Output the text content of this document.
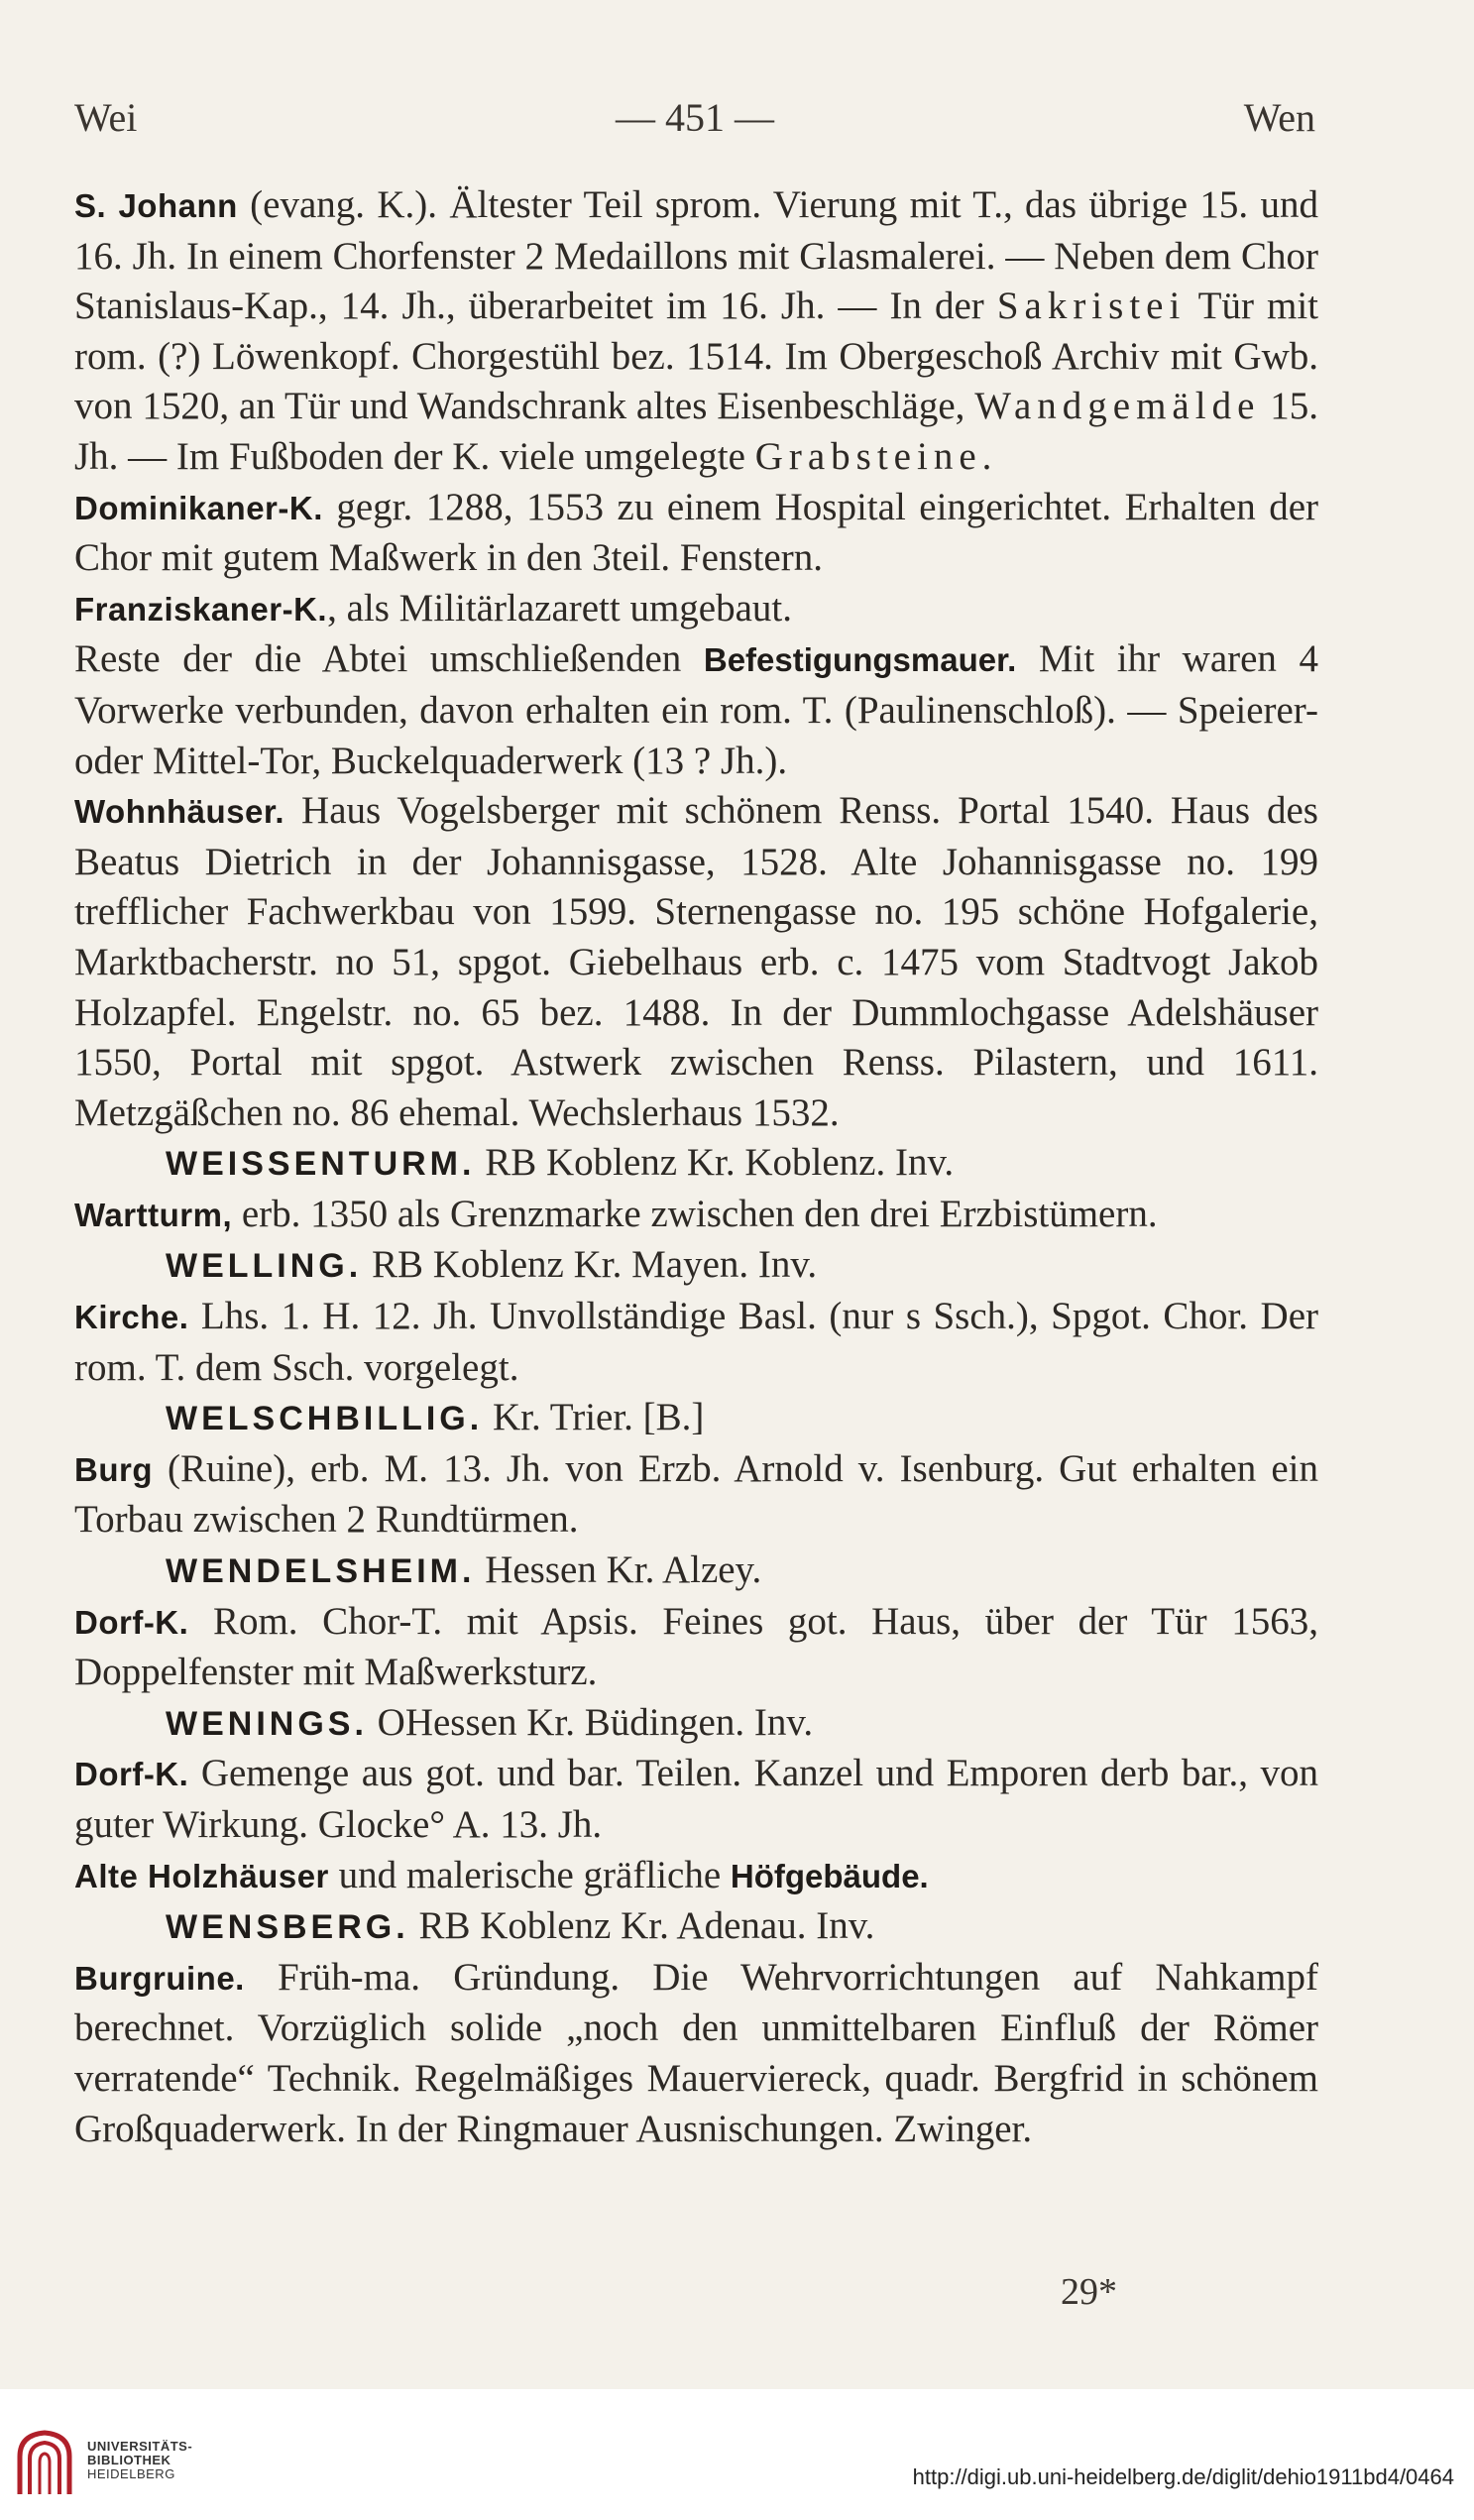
Wei	— 451 —	Wen

S. Johann (evang. K.). Ältester Teil sprom. Vierung mit T., das übrige 15. und 16. Jh. In einem Chorfenster 2 Medaillons mit Glasmalerei. — Neben dem Chor Stanislaus-Kap., 14. Jh., überarbeitet im 16. Jh. — In der Sakristei Tür mit rom. (?) Löwenkopf. Chorgestühl bez. 1514. Im Obergeschoß Archiv mit Gwb. von 1520, an Tür und Wandschrank altes Eisenbeschläge, Wandgemälde 15. Jh. — Im Fußboden der K. viele umgelegte Grabsteine.

Dominikaner-K. gegr. 1288, 1553 zu einem Hospital eingerichtet. Erhalten der Chor mit gutem Maßwerk in den 3teil. Fenstern.

Franziskaner-K., als Militärlazarett umgebaut.

Reste der die Abtei umschließenden Befestigungsmauer. Mit ihr waren 4 Vorwerke verbunden, davon erhalten ein rom. T. (Paulinenschloß). — Speierer- oder Mittel-Tor, Buckelquaderwerk (13 ? Jh.).

Wohnhäuser. Haus Vogelsberger mit schönem Renss. Portal 1540. Haus des Beatus Dietrich in der Johannisgasse, 1528. Alte Johannisgasse no. 199 trefflicher Fachwerkbau von 1599. Sternengasse no. 195 schöne Hofgalerie, Marktbacherstr. no 51, spgot. Giebelhaus erb. c. 1475 vom Stadtvogt Jakob Holzapfel. Engelstr. no. 65 bez. 1488. In der Dummlochgasse Adelshäuser 1550, Portal mit spgot. Astwerk zwischen Renss. Pilastern, und 1611. Metzgäßchen no. 86 ehemal. Wechslerhaus 1532.

WEISSENTURM. RB Koblenz Kr. Koblenz. Inv.

Wartturm, erb. 1350 als Grenzmarke zwischen den drei Erzbistümern.

WELLING. RB Koblenz Kr. Mayen. Inv.

Kirche. Lhs. 1. H. 12. Jh. Unvollständige Basl. (nur s Ssch.), Spgot. Chor. Der rom. T. dem Ssch. vorgelegt.

WELSCHBILLIG. Kr. Trier. [B.]

Burg (Ruine), erb. M. 13. Jh. von Erzb. Arnold v. Isenburg. Gut erhalten ein Torbau zwischen 2 Rundtürmen.

WENDELSHEIM. Hessen Kr. Alzey.

Dorf-K. Rom. Chor-T. mit Apsis. Feines got. Haus, über der Tür 1563, Doppelfenster mit Maßwerksturz.

WENINGS. OHessen Kr. Büdingen. Inv.

Dorf-K. Gemenge aus got. und bar. Teilen. Kanzel und Emporen derb bar., von guter Wirkung. Glocke° A. 13. Jh.

Alte Holzhäuser und malerische gräfliche Höfgebäude.

WENSBERG. RB Koblenz Kr. Adenau. Inv.

Burgruine. Früh-ma. Gründung. Die Wehrvorrichtungen auf Nahkampf berechnet. Vorzüglich solide „noch den unmittelbaren Einfluß der Römer verratende“ Technik. Regelmäßiges Mauerviereck, quadr. Bergfrid in schönem Großquaderwerk. In der Ringmauer Ausnischungen. Zwinger.

29*
UNIVERSITÄTS-
BIBLIOTHEK
HEIDELBERG	http://digi.ub.uni-heidelberg.de/diglit/dehio1911bd4/0464
